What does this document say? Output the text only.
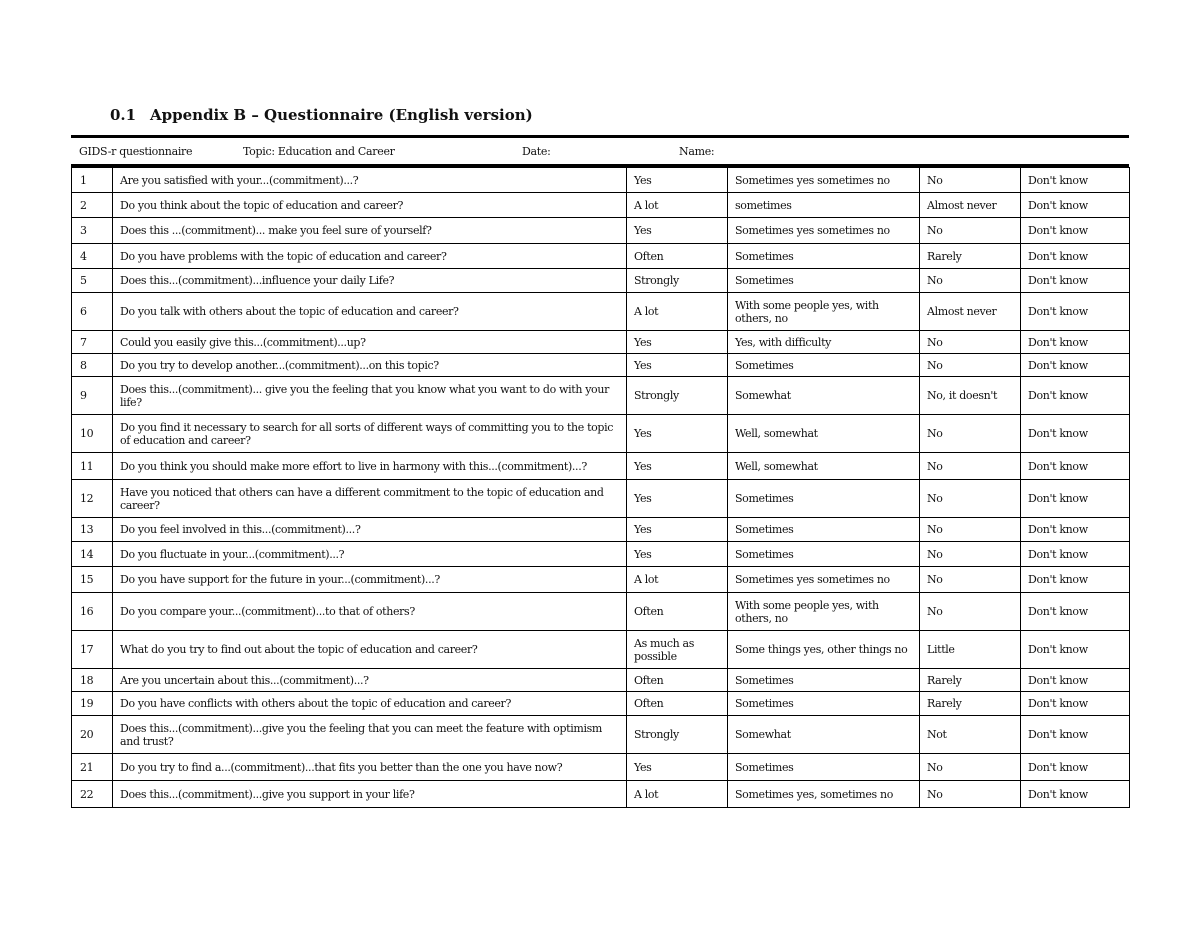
0.1 Appendix B – Questionnaire (English version)
GIDS-r questionnaire	Topic: Education and Career	Date:	Name:
1	Are you satisfied with your...(commitment)...?	Yes	Sometimes yes sometimes no	No	Don't know
2	Do you think about the topic of education and career?	A lot	sometimes	Almost never	Don't know
3	Does this ...(commitment)... make you feel sure of yourself?	Yes	Sometimes yes sometimes no	No	Don't know
4	Do you have problems with the topic of education and career?	Often	Sometimes	Rarely	Don't know
5	Does this...(commitment)...influence your daily Life?	Strongly	Sometimes	No	Don't know
6	Do you talk with others about the topic of education and career?	A lot	With some people yes, with others, no	Almost never	Don't know
7	Could you easily give this...(commitment)...up?	Yes	Yes, with difficulty	No	Don't know
8	Do you try to develop another...(commitment)...on this topic?	Yes	Sometimes	No	Don't know
9	Does this...(commitment)... give you the feeling that you know what you want to do with your life?	Strongly	Somewhat	No, it doesn't	Don't know
10	Do you find it necessary to search for all sorts of different ways of committing you to the topic of education and career?	Yes	Well, somewhat	No	Don't know
11	Do you think you should make more effort to live in harmony with this...(commitment)...?	Yes	Well, somewhat	No	Don't know
12	Have you noticed that others can have a different commitment to the topic of education and career?	Yes	Sometimes	No	Don't know
13	Do you feel involved in this...(commitment)...?	Yes	Sometimes	No	Don't know
14	Do you fluctuate in your...(commitment)...?	Yes	Sometimes	No	Don't know
15	Do you have support for the future in your...(commitment)...?	A lot	Sometimes yes sometimes no	No	Don't know
16	Do you compare your...(commitment)...to that of others?	Often	With some people yes, with others, no	No	Don't know
17	What do you try to find out about the topic of education and career?	As much as possible	Some things yes, other things no	Little	Don't know
18	Are you uncertain about this...(commitment)...?	Often	Sometimes	Rarely	Don't know
19	Do you have conflicts with others about the topic of education and career?	Often	Sometimes	Rarely	Don't know
20	Does this...(commitment)...give you the feeling that you can meet the feature with optimism and trust?	Strongly	Somewhat	Not	Don't know
21	Do you try to find a...(commitment)...that fits you better than the one you have now?	Yes	Sometimes	No	Don't know
22	Does this...(commitment)...give you support in your life?	A lot	Sometimes yes, sometimes no	No	Don't know
